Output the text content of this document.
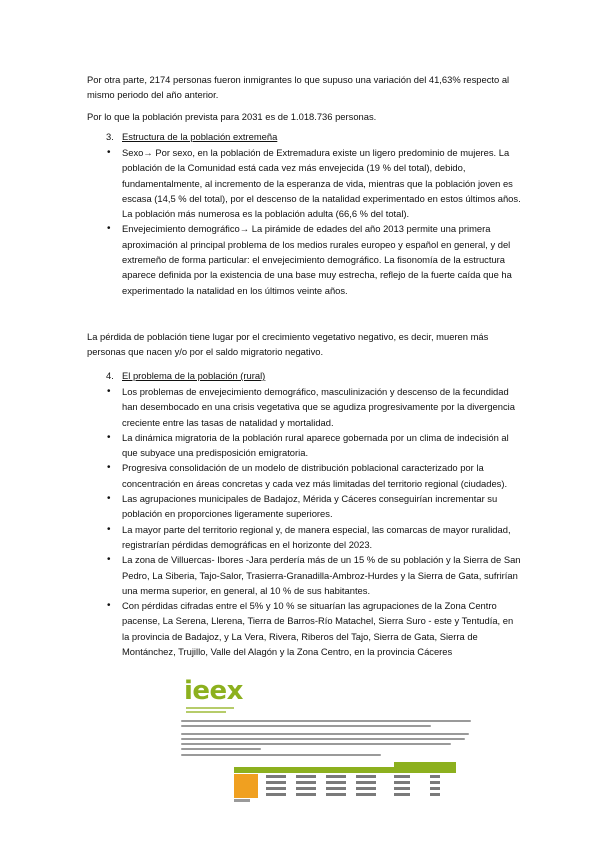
Por otra parte, 2174 personas fueron inmigrantes lo que supuso una variación del 41,63% respecto al mismo periodo del año anterior.
Por lo que la población prevista para 2031 es de 1.018.736 personas.
3. Estructura de la población extremeña
• Sexo→ Por sexo, en la población de Extremadura existe un ligero predominio de mujeres. La población de la Comunidad está cada vez más envejecida (19 % del total), debido, fundamentalmente, al incremento de la esperanza de vida, mientras que la población joven es escasa (14,5 % del total), por el descenso de la natalidad experimentado en estos últimos años. La población más numerosa es la población adulta (66,6 % del total).
• Envejecimiento demográfico→ La pirámide de edades del año 2013 permite una primera aproximación al principal problema de los medios rurales europeo y español en general, y del extremeño de forma particular: el envejecimiento demográfico. La fisonomía de la estructura aparece definida por la existencia de una base muy estrecha, reflejo de la fuerte caída que ha experimentado la natalidad en los últimos veinte años.
La pérdida de población tiene lugar por el crecimiento vegetativo negativo, es decir, mueren más personas que nacen y/o por el saldo migratorio negativo.
4. El problema de la población (rural)
• Los problemas de envejecimiento demográfico, masculinización y descenso de la fecundidad han desembocado en una crisis vegetativa que se agudiza progresivamente por la divergencia creciente entre las tasas de natalidad y mortalidad.
• La dinámica migratoria de la población rural aparece gobernada por un clima de indecisión al que subyace una predisposición emigratoria.
• Progresiva consolidación de un modelo de distribución poblacional caracterizado por la concentración en áreas concretas y cada vez más limitadas del territorio regional (ciudades).
• Las agrupaciones municipales de Badajoz, Mérida y Cáceres conseguirían incrementar su población en proporciones ligeramente superiores.
• La mayor parte del territorio regional y, de manera especial, las comarcas de mayor ruralidad, registrarían pérdidas demográficas en el horizonte del 2023.
• La zona de Villuercas- Ibores -Jara perdería más de un 15 % de su población y la Sierra de San Pedro, La Siberia, Tajo-Salor, Trasierra-Granadilla-Ambroz-Hurdes y la Sierra de Gata, sufrirían una merma superior, en general, al 10 % de sus habitantes.
• Con pérdidas cifradas entre el 5% y 10 % se situarían las agrupaciones de la Zona Centro pacense, La Serena, Llerena, Tierra de Barros-Río Matachel, Sierra Suro - este y Tentudía, en la provincia de Badajoz, y La Vera, Rivera, Riberos del Tajo, Sierra de Gata, Sierra de Montánchez, Trujillo, Valle del Alagón y la Zona Centro, en la provincia Cáceres
ieex
